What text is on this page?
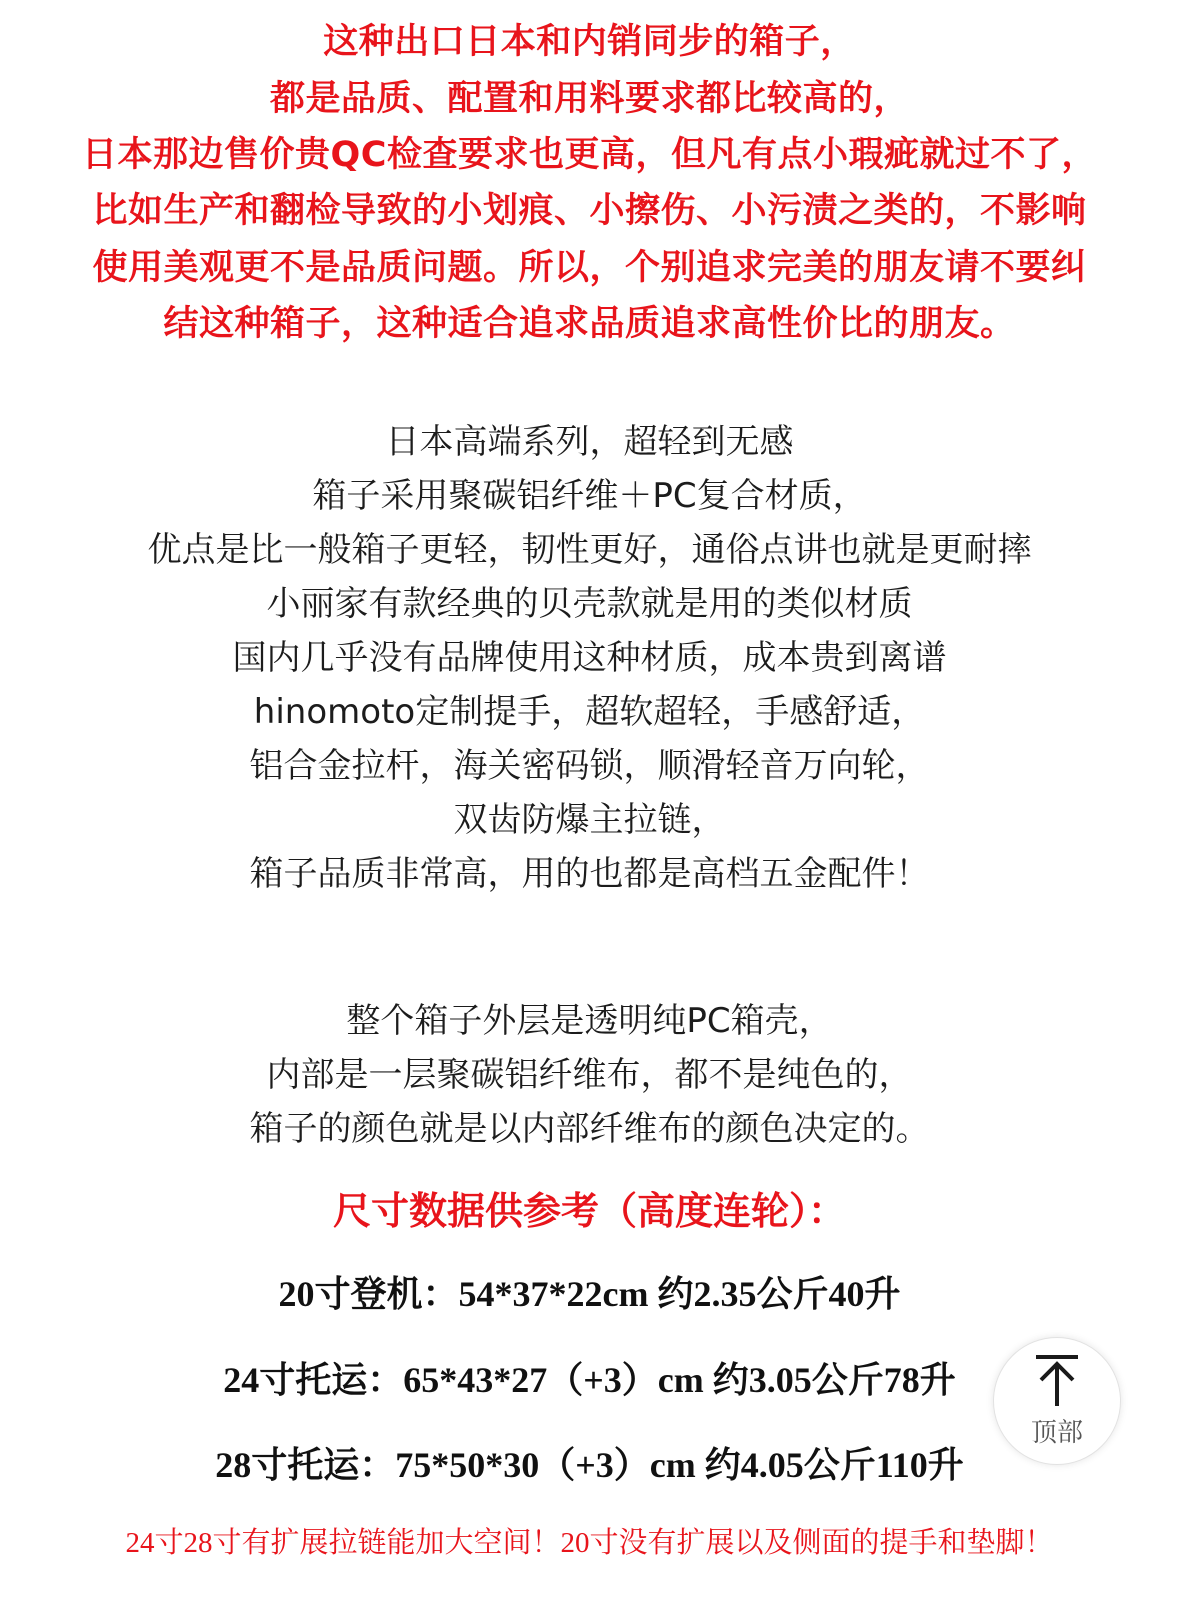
这种出口日本和内销同步的箱子，

都是品质、配置和用料要求都比较高的，

日本那边售价贵QC检查要求也更高，但凡有点小瑕疵就过不了，

比如生产和翻检导致的小划痕、小擦伤、小污渍之类的，不影响

使用美观更不是品质问题。所以，个别追求完美的朋友请不要纠

结这种箱子，这种适合追求品质追求高性价比的朋友。

日本高端系列，超轻到无感

箱子采用聚碳铝纤维＋PC复合材质，

优点是比一般箱子更轻，韧性更好，通俗点讲也就是更耐摔

小丽家有款经典的贝壳款就是用的类似材质

国内几乎没有品牌使用这种材质，成本贵到离谱

hinomoto定制提手，超软超轻，手感舒适，

铝合金拉杆，海关密码锁，顺滑轻音万向轮，

双齿防爆主拉链，

箱子品质非常高，用的也都是高档五金配件！

整个箱子外层是透明纯PC箱壳，

内部是一层聚碳铝纤维布，都不是纯色的，

箱子的颜色就是以内部纤维布的颜色决定的。

尺寸数据供参考（高度连轮）：

20寸登机：54*37*22cm 约2.35公斤40升

24寸托运：65*43*27（+3）cm 约3.05公斤78升

28寸托运：75*50*30（+3）cm 约4.05公斤110升

24寸28寸有扩展拉链能加大空间！20寸没有扩展以及侧面的提手和垫脚！

顶部
